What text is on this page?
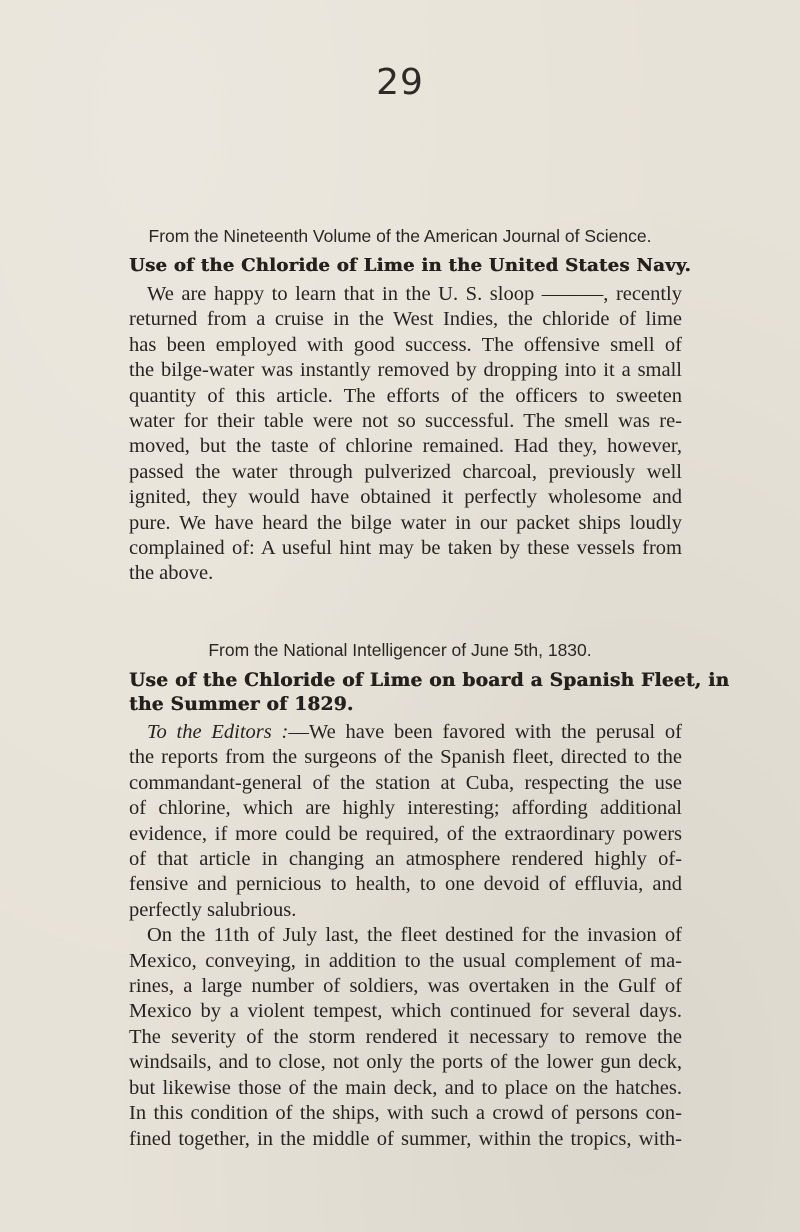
29
From the Nineteenth Volume of the American Journal of Science.
Use of the Chloride of Lime in the United States Navy.
We are happy to learn that in the U. S. sloop ———, recently
returned from a cruise in the West Indies, the chloride of lime
has been employed with good success. The offensive smell of
the bilge-water was instantly removed by dropping into it a small
quantity of this article. The efforts of the officers to sweeten
water for their table were not so successful. The smell was re-
moved, but the taste of chlorine remained. Had they, however,
passed the water through pulverized charcoal, previously well
ignited, they would have obtained it perfectly wholesome and
pure. We have heard the bilge water in our packet ships loudly
complained of: A useful hint may be taken by these vessels from
the above.
From the National Intelligencer of June 5th, 1830.
Use of the Chloride of Lime on board a Spanish Fleet, in
the Summer of 1829.
To the Editors :—We have been favored with the perusal of
the reports from the surgeons of the Spanish fleet, directed to the
commandant-general of the station at Cuba, respecting the use
of chlorine, which are highly interesting; affording additional
evidence, if more could be required, of the extraordinary powers
of that article in changing an atmosphere rendered highly of-
fensive and pernicious to health, to one devoid of effluvia, and
perfectly salubrious.
On the 11th of July last, the fleet destined for the invasion of
Mexico, conveying, in addition to the usual complement of ma-
rines, a large number of soldiers, was overtaken in the Gulf of
Mexico by a violent tempest, which continued for several days.
The severity of the storm rendered it necessary to remove the
windsails, and to close, not only the ports of the lower gun deck,
but likewise those of the main deck, and to place on the hatches.
In this condition of the ships, with such a crowd of persons con-
fined together, in the middle of summer, within the tropics, with-
